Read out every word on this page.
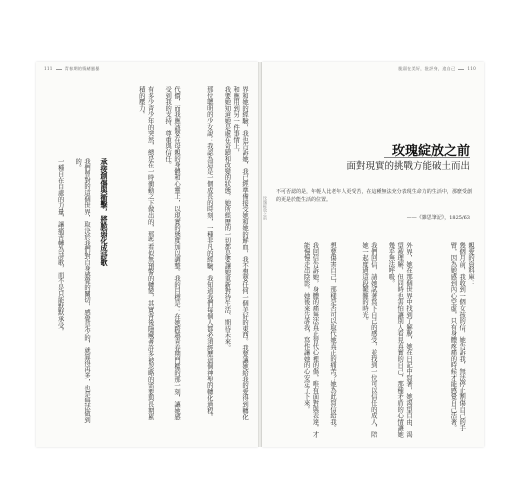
111	青春期的情緒風暴
界和她的經驗，我也告訴她，我已經準備接受她和她的鮮血，我不想要任何一個美好的東西。我要讓她給我的愛得到轉化和應用到另一件事情上，
我要她知道她是處在奇蹟和改變的狀態，她所經歷的一切都是要讓她重新對待生活、期待未來。

那位聰明的少女說：我認為這是一個成長的時刻，一種非凡的經驗，我知道我們每個人都必須經歷這個神聖的轉化過程。
代價，而我應該要在母親的身體和心靈上，以現實的態度加以調整。我的目標是：在她跨越青春期門檻的那一刻，讓她感受到我的支持、尊重與信任。

有多少青少年的突然，總是在一時衝動之下做出的，那些看似無預警的轉變，其實背後隱藏著許多被忽略的需要與長期累積的壓力。
承接創傷與衝擊，將脆弱化成詩歌
我們曾對的這個世界，取決於我們對自身感覺的關切，感覺是少的，就算得再多，也是無法做到的。

一種自在自處的力量，讓痛苦轉為詩歌，而不是只能默默承受。
脆弱在美好，批評身，追自己	110
玫瑰綻放之前
面對現實的挑戰方能破土而出
不可否認的是，年輕人比老年人更受苦，在這種無法充分表現生命力的生活中，那麼受創的更是於能生活的位置。
——《雜思筆記》，1825/63
親愛的資料庫：
幾個月前，我收到一個女孩的信，她告訴我，無法停止割傷自己的手臂，因為她感到內心空虛，只有身體疼痛的時候才能感覺自己活著。
外界，她在那個世界中找到了解脫，她在日記中寫著，她渴望自由、渴望被理解，但同時也害怕讓別人看見真實的自己，那種矛盾的心情讓她幾乎無法呼吸。

我們回信，請她試著寫下自己的感受，並找到一位可以信任的成人，陪她一起度過這段艱難的時光。
想要傷害自己，那樣是否可以取代她真正的痛苦？她為此寫信給我。

我回信告訴她，身體的痛無法真正替代心裡的傷，唯有面對與表達，才能慢慢走出陰影。她後來告訴我，寫作讓她的心安定了下來。
玫瑰綻放之前
